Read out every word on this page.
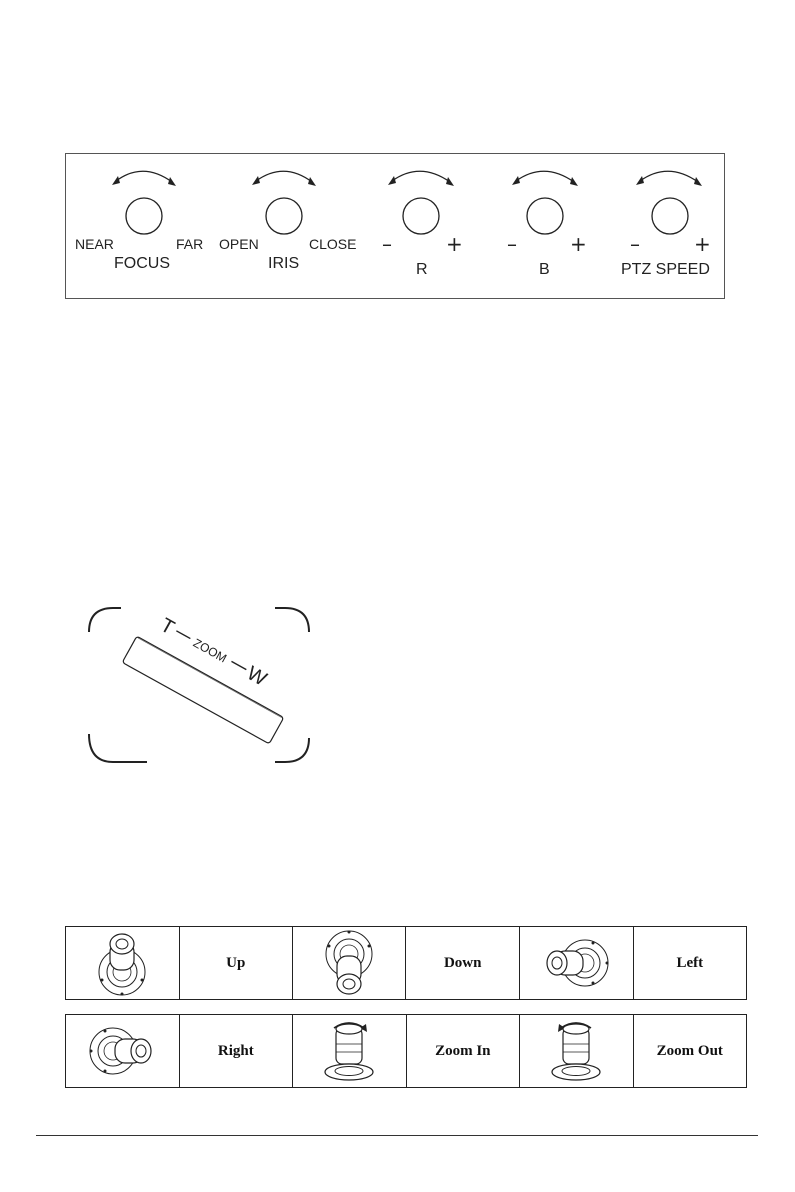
NEAR	FAR
FOCUS
OPEN	CLOSE
IRIS
–	+
R
–	+
B
–	+
PTZ SPEED
T
ZOOM
W
	Up		Down		Left
	Right		Zoom In		Zoom Out
